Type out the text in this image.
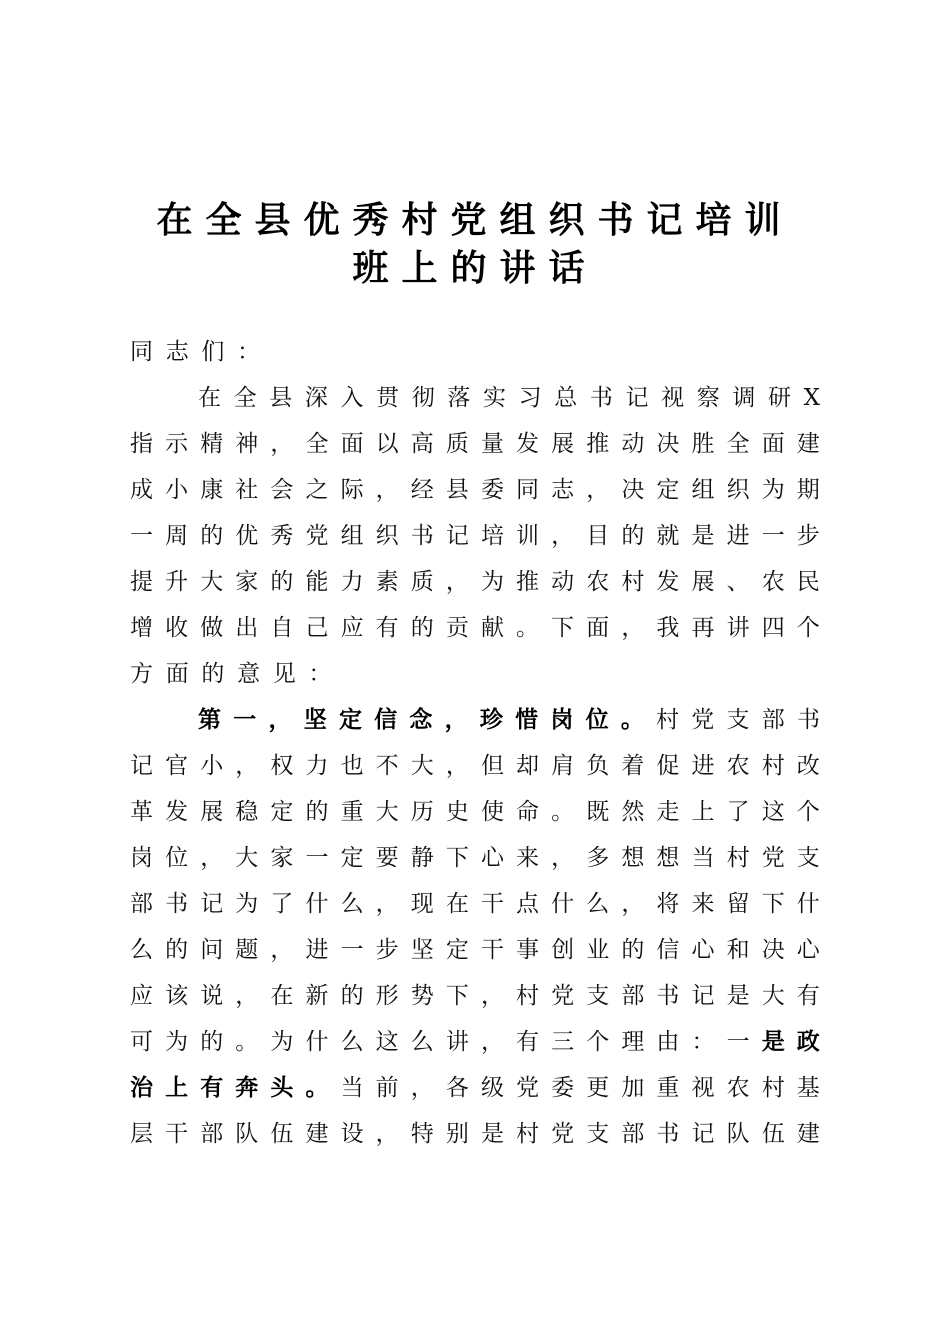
在全县优秀村党组织书记培训
班上的讲话
同 志 们 ：
在 全 县 深 入 贯 彻 落 实 习 总 书 记 视 察 调 研 X
指 示 精 神 ， 全 面 以 高 质 量 发 展 推 动 决 胜 全 面 建
成 小 康 社 会 之 际 ， 经 县 委 同 志 ， 决 定 组 织 为 期
一 周 的 优 秀 党 组 织 书 记 培 训 ， 目 的 就 是 进 一 步
提 升 大 家 的 能 力 素 质 ， 为 推 动 农 村 发 展 、 农 民
增 收 做 出 自 己 应 有 的 贡 献 。 下 面 ， 我 再 讲 四 个
方 面 的 意 见 ：
第 一 ， 坚 定 信 念 ， 珍 惜 岗 位 。 村 党 支 部 书
记 官 小 ， 权 力 也 不 大 ， 但 却 肩 负 着 促 进 农 村 改
革 发 展 稳 定 的 重 大 历 史 使 命 。 既 然 走 上 了 这 个
岗 位 ， 大 家 一 定 要 静 下 心 来 ， 多 想 想 当 村 党 支
部 书 记 为 了 什 么 ， 现 在 干 点 什 么 ， 将 来 留 下 什
么 的 问 题 ， 进 一 步 坚 定 干 事 创 业 的 信 心 和 决 心
应 该 说 ， 在 新 的 形 势 下 ， 村 党 支 部 书 记 是 大 有
可 为 的 。 为 什 么 这 么 讲 ， 有 三 个 理 由 ： 一 是 政
治 上 有 奔 头 。 当 前 ， 各 级 党 委 更 加 重 视 农 村 基
层 干 部 队 伍 建 设 ， 特 别 是 村 党 支 部 书 记 队 伍 建
